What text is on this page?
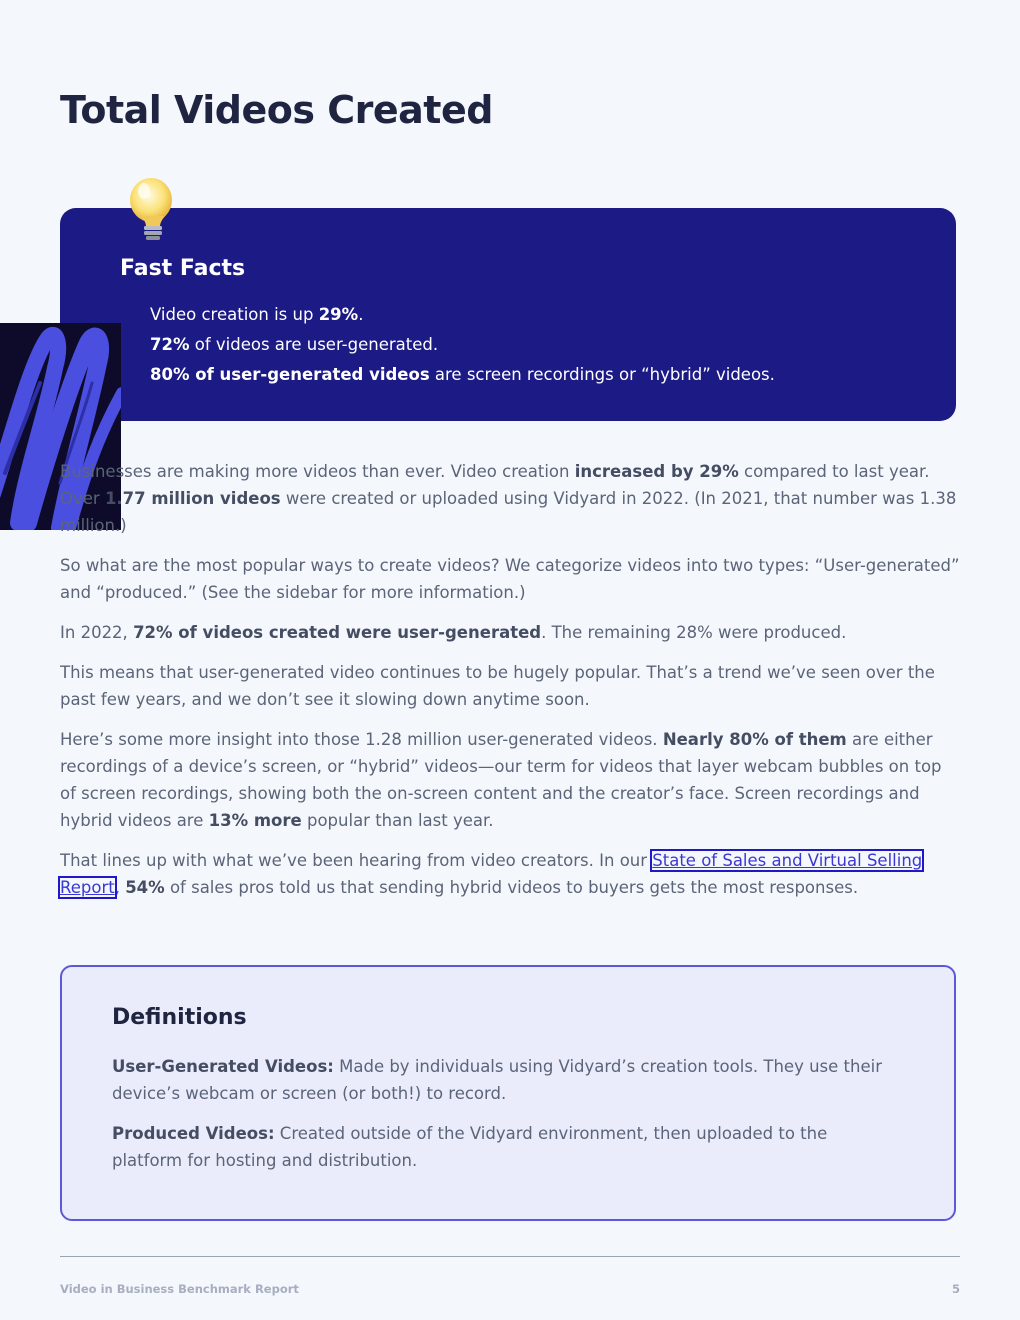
Total Videos Created
Fast Facts
Video creation is up 29%.
72% of videos are user-generated.
80% of user-generated videos are screen recordings or “hybrid” videos.

Businesses are making more videos than ever. Video creation increased by 29% compared to last year. Over 1.77 million videos were created or uploaded using Vidyard in 2022. (In 2021, that number was 1.38 million.)

So what are the most popular ways to create videos? We categorize videos into two types: “User-generated” and “produced.” (See the sidebar for more information.)

In 2022, 72% of videos created were user-generated. The remaining 28% were produced.

This means that user-generated video continues to be hugely popular. That’s a trend we’ve seen over the past few years, and we don’t see it slowing down anytime soon.

Here’s some more insight into those 1.28 million user-generated videos. Nearly 80% of them are either recordings of a device’s screen, or “hybrid” videos—our term for videos that layer webcam bubbles on top of screen recordings, showing both the on-screen content and the creator’s face. Screen recordings and hybrid videos are 13% more popular than last year.

That lines up with what we’ve been hearing from video creators. In our State of Sales and Virtual Selling Report, 54% of sales pros told us that sending hybrid videos to buyers gets the most responses.

Definitions

User-Generated Videos: Made by individuals using Vidyard’s creation tools. They use their device’s webcam or screen (or both!) to record.

Produced Videos: Created outside of the Vidyard environment, then uploaded to the platform for hosting and distribution.

Video in Business Benchmark Report	5
